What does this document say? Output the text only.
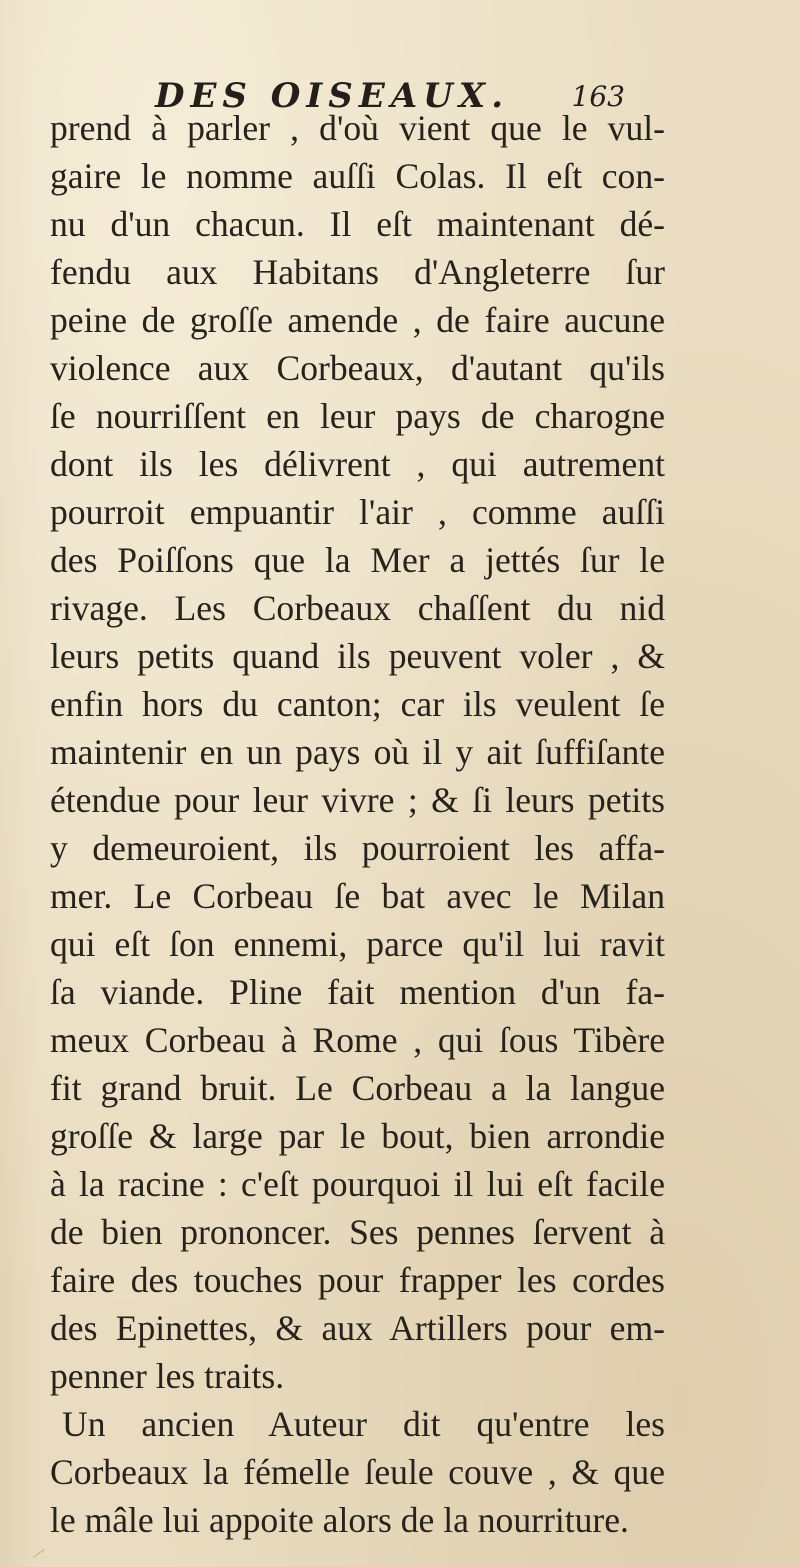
DES OISEAUX. 163
prend à parler , d'où vient que le vul-
gaire le nomme auſſi Colas. Il eſt con-
nu d'un chacun. Il eſt maintenant dé-
fendu aux Habitans d'Angleterre ſur
peine de groſſe amende , de faire aucune
violence aux Corbeaux, d'autant qu'ils
ſe nourriſſent en leur pays de charogne
dont ils les délivrent , qui autrement
pourroit empuantir l'air , comme auſſi
des Poiſſons que la Mer a jettés ſur le
rivage. Les Corbeaux chaſſent du nid
leurs petits quand ils peuvent voler , &
enfin hors du canton; car ils veulent ſe
maintenir en un pays où il y ait ſuffiſante
étendue pour leur vivre ; & ſi leurs petits
y demeuroient, ils pourroient les affa-
mer. Le Corbeau ſe bat avec le Milan
qui eſt ſon ennemi, parce qu'il lui ravit
ſa viande. Pline fait mention d'un fa-
meux Corbeau à Rome , qui ſous Tibère
fit grand bruit. Le Corbeau a la langue
groſſe & large par le bout, bien arrondie
à la racine : c'eſt pourquoi il lui eſt facile
de bien prononcer. Ses pennes ſervent à
faire des touches pour frapper les cordes
des Epinettes, & aux Artillers pour em-
penner les traits.
Un ancien Auteur dit qu'entre les
Corbeaux la fémelle ſeule couve , & que
le mâle lui appoite alors de la nourriture.
